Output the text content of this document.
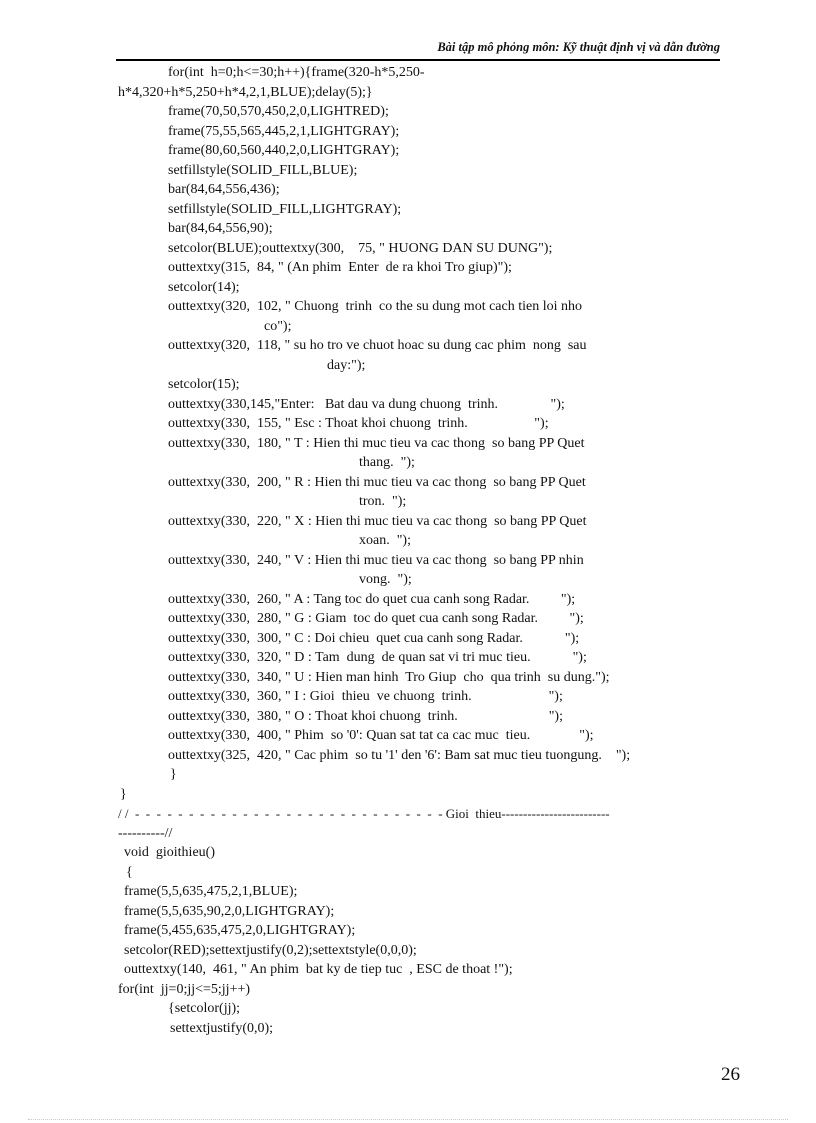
Bài tập mô phỏng môn: Kỹ thuật định vị và dẫn đường
for(int  h=0;h<=30;h++){frame(320-h*5,250-
h*4,320+h*5,250+h*4,2,1,BLUE);delay(5);}
frame(70,50,570,450,2,0,LIGHTRED);
frame(75,55,565,445,2,1,LIGHTGRAY);
frame(80,60,560,440,2,0,LIGHTGRAY);
setfillstyle(SOLID_FILL,BLUE);
bar(84,64,556,436);
setfillstyle(SOLID_FILL,LIGHTGRAY);
bar(84,64,556,90);
setcolor(BLUE);outtextxy(300,    75, " HUONG DAN SU DUNG");
outtextxy(315,  84, " (An phim  Enter  de ra khoi Tro giup)");
setcolor(14);
outtextxy(320,  102, " Chuong  trinh  co the su dung mot cach tien loi nho
co");
outtextxy(320,  118, " su ho tro ve chuot hoac su dung cac phim  nong  sau
day:");
setcolor(15);
outtextxy(330,145,"Enter:   Bat dau va dung chuong  trinh.               ");
outtextxy(330,  155, " Esc : Thoat khoi chuong  trinh.                   ");
outtextxy(330,  180, " T : Hien thi muc tieu va cac thong  so bang PP Quet
thang.  ");
outtextxy(330,  200, " R : Hien thi muc tieu va cac thong  so bang PP Quet
tron.  ");
outtextxy(330,  220, " X : Hien thi muc tieu va cac thong  so bang PP Quet
xoan.  ");
outtextxy(330,  240, " V : Hien thi muc tieu va cac thong  so bang PP nhin
vong.  ");
outtextxy(330,  260, " A : Tang toc do quet cua canh song Radar.         ");
outtextxy(330,  280, " G : Giam  toc do quet cua canh song Radar.         ");
outtextxy(330,  300, " C : Doi chieu  quet cua canh song Radar.            ");
outtextxy(330,  320, " D : Tam  dung  de quan sat vi tri muc tieu.            ");
outtextxy(330,  340, " U : Hien man hinh  Tro Giup  cho  qua trinh  su dung.");
outtextxy(330,  360, " I : Gioi  thieu  ve chuong  trinh.                      ");
outtextxy(330,  380, " O : Thoat khoi chuong  trinh.                          ");
outtextxy(330,  400, " Phim  so '0': Quan sat tat ca cac muc  tieu.              ");
outtextxy(325,  420, " Cac phim  so tu '1' den '6': Bam sat muc tieu tuongung.    ");
}
}
/ /  -  -  -  -  -  -  -  -  -  -  -  -  -  -  -  -  -  -  -  -  -  -  -  -  -  -  -  -  - Gioi  thieu-------------------------
----------//
void  gioithieu()
{
frame(5,5,635,475,2,1,BLUE);
frame(5,5,635,90,2,0,LIGHTGRAY);
frame(5,455,635,475,2,0,LIGHTGRAY);
setcolor(RED);settextjustify(0,2);settextstyle(0,0,0);
outtextxy(140,  461, " An phim  bat ky de tiep tuc  , ESC de thoat !");
for(int  jj=0;jj<=5;jj++)
{setcolor(jj);
settextjustify(0,0);
26
